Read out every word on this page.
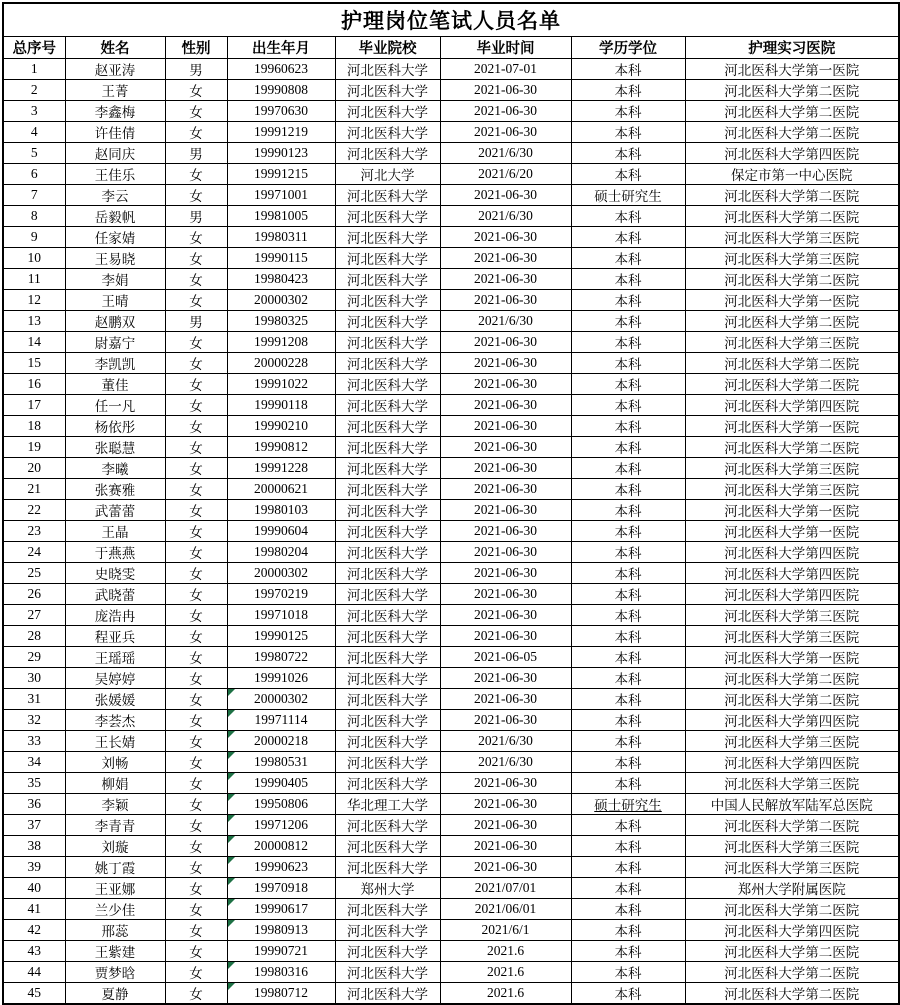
护理岗位笔试人员名单							
总序号	姓名	性别	出生年月	毕业院校	毕业时间	学历学位	护理实习医院
1	赵亚涛	男	19960623	河北医科大学	2021-07-01	本科	河北医科大学第一医院
2	王菁	女	19990808	河北医科大学	2021-06-30	本科	河北医科大学第二医院
3	李鑫梅	女	19970630	河北医科大学	2021-06-30	本科	河北医科大学第二医院
4	许佳倩	女	19991219	河北医科大学	2021-06-30	本科	河北医科大学第二医院
5	赵同庆	男	19990123	河北医科大学	2021/6/30	本科	河北医科大学第四医院
6	王佳乐	女	19991215	河北大学	2021/6/20	本科	保定市第一中心医院
7	李云	女	19971001	河北医科大学	2021-06-30	硕士研究生	河北医科大学第二医院
8	岳毅帆	男	19981005	河北医科大学	2021/6/30	本科	河北医科大学第二医院
9	任家婧	女	19980311	河北医科大学	2021-06-30	本科	河北医科大学第三医院
10	王易晓	女	19990115	河北医科大学	2021-06-30	本科	河北医科大学第三医院
11	李娟	女	19980423	河北医科大学	2021-06-30	本科	河北医科大学第二医院
12	王晴	女	20000302	河北医科大学	2021-06-30	本科	河北医科大学第一医院
13	赵鹏双	男	19980325	河北医科大学	2021/6/30	本科	河北医科大学第二医院
14	尉嘉宁	女	19991208	河北医科大学	2021-06-30	本科	河北医科大学第三医院
15	李凯凯	女	20000228	河北医科大学	2021-06-30	本科	河北医科大学第二医院
16	董佳	女	19991022	河北医科大学	2021-06-30	本科	河北医科大学第二医院
17	任一凡	女	19990118	河北医科大学	2021-06-30	本科	河北医科大学第四医院
18	杨依彤	女	19990210	河北医科大学	2021-06-30	本科	河北医科大学第一医院
19	张聪慧	女	19990812	河北医科大学	2021-06-30	本科	河北医科大学第二医院
20	李曦	女	19991228	河北医科大学	2021-06-30	本科	河北医科大学第三医院
21	张赛雅	女	20000621	河北医科大学	2021-06-30	本科	河北医科大学第三医院
22	武蕾蕾	女	19980103	河北医科大学	2021-06-30	本科	河北医科大学第一医院
23	王晶	女	19990604	河北医科大学	2021-06-30	本科	河北医科大学第一医院
24	于燕燕	女	19980204	河北医科大学	2021-06-30	本科	河北医科大学第四医院
25	史晓雯	女	20000302	河北医科大学	2021-06-30	本科	河北医科大学第四医院
26	武晓蕾	女	19970219	河北医科大学	2021-06-30	本科	河北医科大学第四医院
27	庞浩冉	女	19971018	河北医科大学	2021-06-30	本科	河北医科大学第三医院
28	程亚兵	女	19990125	河北医科大学	2021-06-30	本科	河北医科大学第三医院
29	王瑶瑶	女	19980722	河北医科大学	2021-06-05	本科	河北医科大学第一医院
30	吴婷婷	女	19991026	河北医科大学	2021-06-30	本科	河北医科大学第二医院
31	张媛媛	女	20000302	河北医科大学	2021-06-30	本科	河北医科大学第二医院
32	李荟杰	女	19971114	河北医科大学	2021-06-30	本科	河北医科大学第四医院
33	王长婧	女	20000218	河北医科大学	2021/6/30	本科	河北医科大学第三医院
34	刘畅	女	19980531	河北医科大学	2021/6/30	本科	河北医科大学第四医院
35	柳娟	女	19990405	河北医科大学	2021-06-30	本科	河北医科大学第三医院
36	李颖	女	19950806	华北理工大学	2021-06-30	硕士研究生	中国人民解放军陆军总医院
37	李青青	女	19971206	河北医科大学	2021-06-30	本科	河北医科大学第二医院
38	刘璇	女	20000812	河北医科大学	2021-06-30	本科	河北医科大学第三医院
39	姚丁霞	女	19990623	河北医科大学	2021-06-30	本科	河北医科大学第三医院
40	王亚娜	女	19970918	郑州大学	2021/07/01	本科	郑州大学附属医院
41	兰少佳	女	19990617	河北医科大学	2021/06/01	本科	河北医科大学第二医院
42	邢蕊	女	19980913	河北医科大学	2021/6/1	本科	河北医科大学第四医院
43	王紫建	女	19990721	河北医科大学	2021.6	本科	河北医科大学第二医院
44	贾梦晗	女	19980316	河北医科大学	2021.6	本科	河北医科大学第二医院
45	夏静	女	19980712	河北医科大学	2021.6	本科	河北医科大学第二医院
